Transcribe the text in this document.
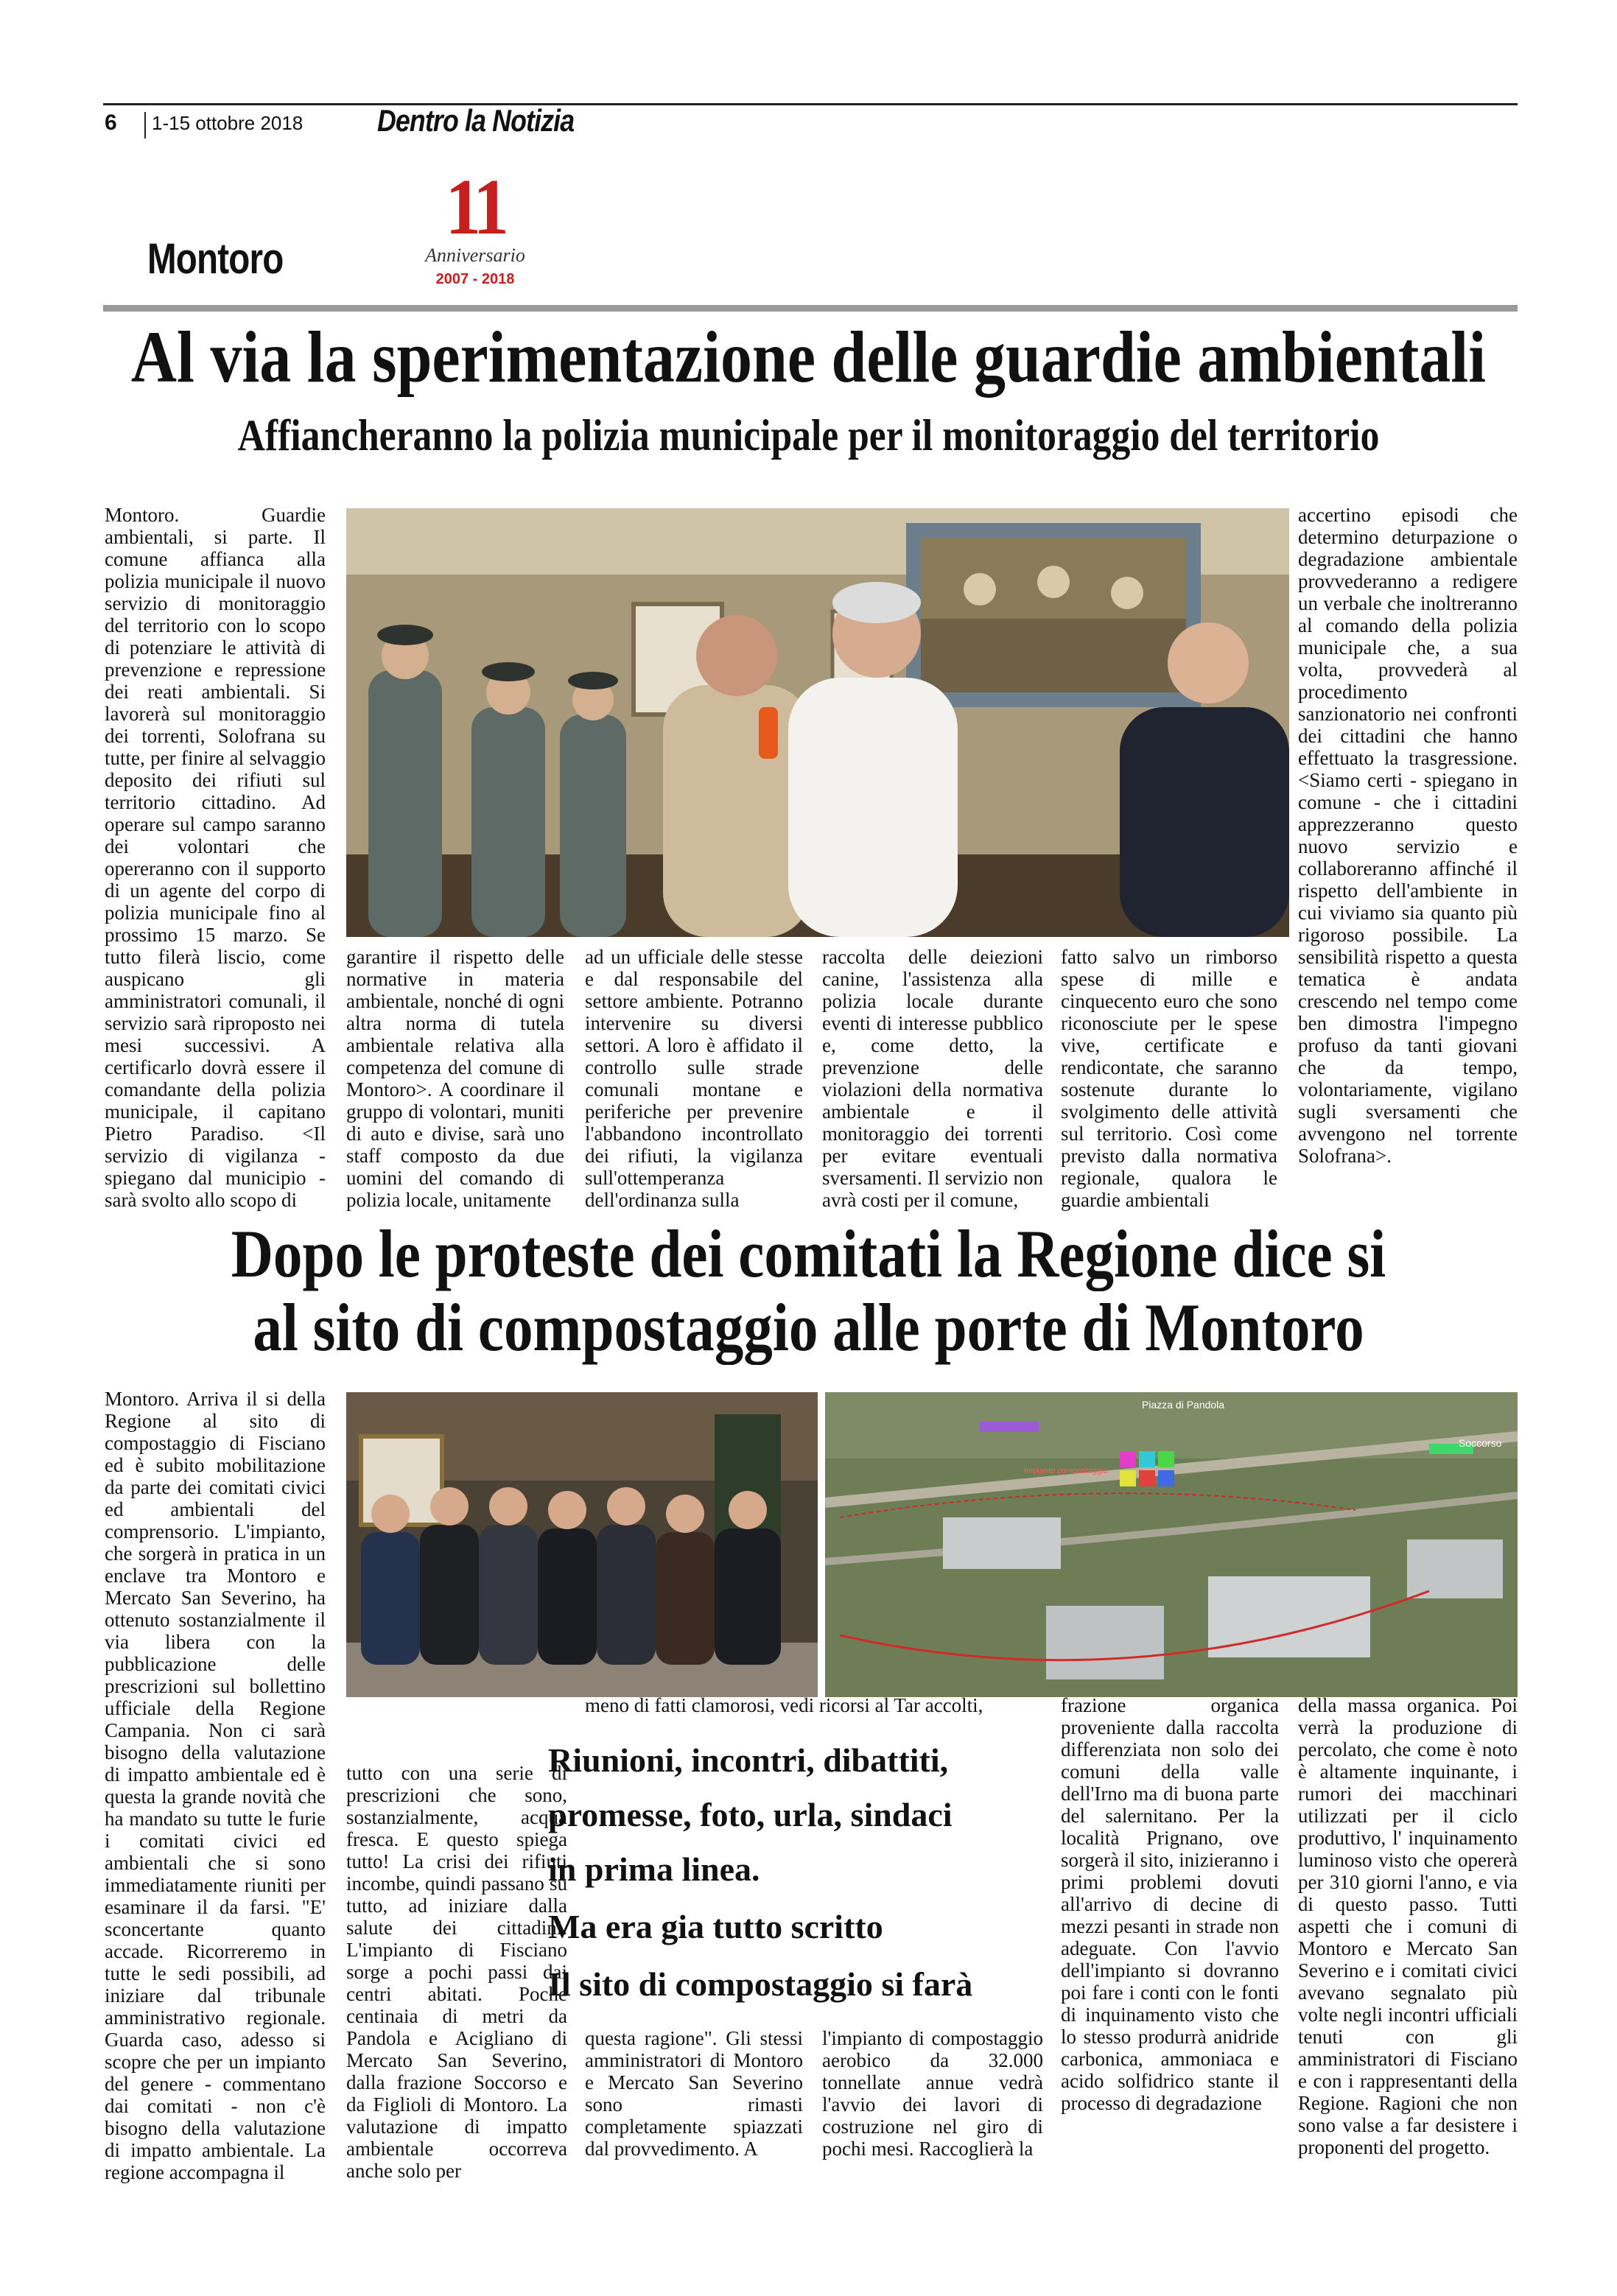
6 1-15 ottobre 2018 Dentro la Notizia
Montoro
11
Anniversario
2007 - 2018
Al via la sperimentazione delle guardie ambientali
Affiancheranno la polizia municipale per il monitoraggio del territorio
Montoro. Guardie ambientali, si parte. Il comune affianca alla polizia municipale il nuovo servizio di monitoraggio del territorio con lo scopo di potenziare le attività di prevenzione e repressione dei reati ambientali. Si lavorerà sul monitoraggio dei torrenti, Solofrana su tutte, per finire al selvaggio deposito dei rifiuti sul territorio cittadino. Ad operare sul campo saranno dei volontari che opereranno con il supporto di un agente del corpo di polizia municipale fino al prossimo 15 marzo. Se tutto filerà liscio, come auspicano gli amministratori comunali, il servizio sarà riproposto nei mesi successivi. A certificarlo dovrà essere il comandante della polizia municipale, il capitano Pietro Paradiso. <Il servizio di vigilanza - spiegano dal municipio - sarà svolto allo scopo di
garantire il rispetto delle normative in materia ambientale, nonché di ogni altra norma di tutela ambientale relativa alla competenza del comune di Montoro>. A coordinare il gruppo di volontari, muniti di auto e divise, sarà uno staff composto da due uomini del comando di polizia locale, unitamente
ad un ufficiale delle stesse e dal responsabile del settore ambiente. Potranno intervenire su diversi settori. A loro è affidato il controllo sulle strade comunali montane e periferiche per prevenire l'abbandono incontrollato dei rifiuti, la vigilanza sull'ottemperanza dell'ordinanza sulla
raccolta delle deiezioni canine, l'assistenza alla polizia locale durante eventi di interesse pubblico e, come detto, la prevenzione delle violazioni della normativa ambientale e il monitoraggio dei torrenti per evitare eventuali sversamenti. Il servizio non avrà costi per il comune,
fatto salvo un rimborso spese di mille e cinquecento euro che sono riconosciute per le spese vive, certificate e rendicontate, che saranno sostenute durante lo svolgimento delle attività sul territorio. Così come previsto dalla normativa regionale, qualora le guardie ambientali
accertino episodi che determino deturpazione o degradazione ambientale provvederanno a redigere un verbale che inoltreranno al comando della polizia municipale che, a sua volta, provvederà al procedimento sanzionatorio nei confronti dei cittadini che hanno effettuato la trasgressione. <Siamo certi - spiegano in comune - che i cittadini apprezzeranno questo nuovo servizio e collaboreranno affinché il rispetto dell'ambiente in cui viviamo sia quanto più rigoroso possibile. La sensibilità rispetto a questa tematica è andata crescendo nel tempo come ben dimostra l'impegno profuso da tanti giovani che da tempo, volontariamente, vigilano sugli sversamenti che avvengono nel torrente Solofrana>.
Dopo le proteste dei comitati la Regione dice si
al sito di compostaggio alle porte di Montoro
Montoro. Arriva il si della Regione al sito di compostaggio di Fisciano ed è subito mobilitazione da parte dei comitati civici ed ambientali del comprensorio. L'impianto, che sorgerà in pratica in un enclave tra Montoro e Mercato San Severino, ha ottenuto sostanzialmente il via libera con la pubblicazione delle prescrizioni sul bollettino ufficiale della Regione Campania. Non ci sarà bisogno della valutazione di impatto ambientale ed è questa la grande novità che ha mandato su tutte le furie i comitati civici ed ambientali che si sono immediatamente riuniti per esaminare il da farsi. "E' sconcertante quanto accade. Ricorreremo in tutte le sedi possibili, ad iniziare dal tribunale amministrativo regionale. Guarda caso, adesso si scopre che per un impianto del genere - commentano dai comitati - non c'è bisogno della valutazione di impatto ambientale. La regione accompagna il
Piazza di Pandola
Soccorso
Impianto compostaggio
tutto con una serie di prescrizioni che sono, sostanzialmente, acqua fresca. E questo spiega tutto! La crisi dei rifiuti incombe, quindi passano su tutto, ad iniziare dalla salute dei cittadini. L'impianto di Fisciano sorge a pochi passi dai centri abitati. Poche centinaia di metri da Pandola e Acigliano di Mercato San Severino, dalla frazione Soccorso e da Figlioli di Montoro. La valutazione di impatto ambientale occorreva anche solo per
meno di fatti clamorosi, vedi ricorsi al Tar accolti,
questa ragione". Gli stessi amministratori di Montoro e Mercato San Severino sono rimasti completamente spiazzati dal provvedimento. A
l'impianto di compostaggio aerobico da 32.000 tonnellate annue vedrà l'avvio dei lavori di costruzione nel giro di pochi mesi. Raccoglierà la
frazione organica proveniente dalla raccolta differenziata non solo dei comuni della valle dell'Irno ma di buona parte del salernitano. Per la località Prignano, ove sorgerà il sito, inizieranno i primi problemi dovuti all'arrivo di decine di mezzi pesanti in strade non adeguate. Con l'avvio dell'impianto si dovranno poi fare i conti con le fonti di inquinamento visto che lo stesso produrrà anidride carbonica, ammoniaca e acido solfidrico stante il processo di degradazione
della massa organica. Poi verrà la produzione di percolato, che come è noto è altamente inquinante, i rumori dei macchinari utilizzati per il ciclo produttivo, l' inquinamento luminoso visto che opererà per 310 giorni l'anno, e via di questo passo. Tutti aspetti che i comuni di Montoro e Mercato San Severino e i comitati civici avevano segnalato più volte negli incontri ufficiali tenuti con gli amministratori di Fisciano e con i rappresentanti della Regione. Ragioni che non sono valse a far desistere i proponenti del progetto.
Riunioni, incontri, dibattiti,
promesse, foto, urla, sindaci
in prima linea.
Ma era gia tutto scritto
Il sito di compostaggio si farà
